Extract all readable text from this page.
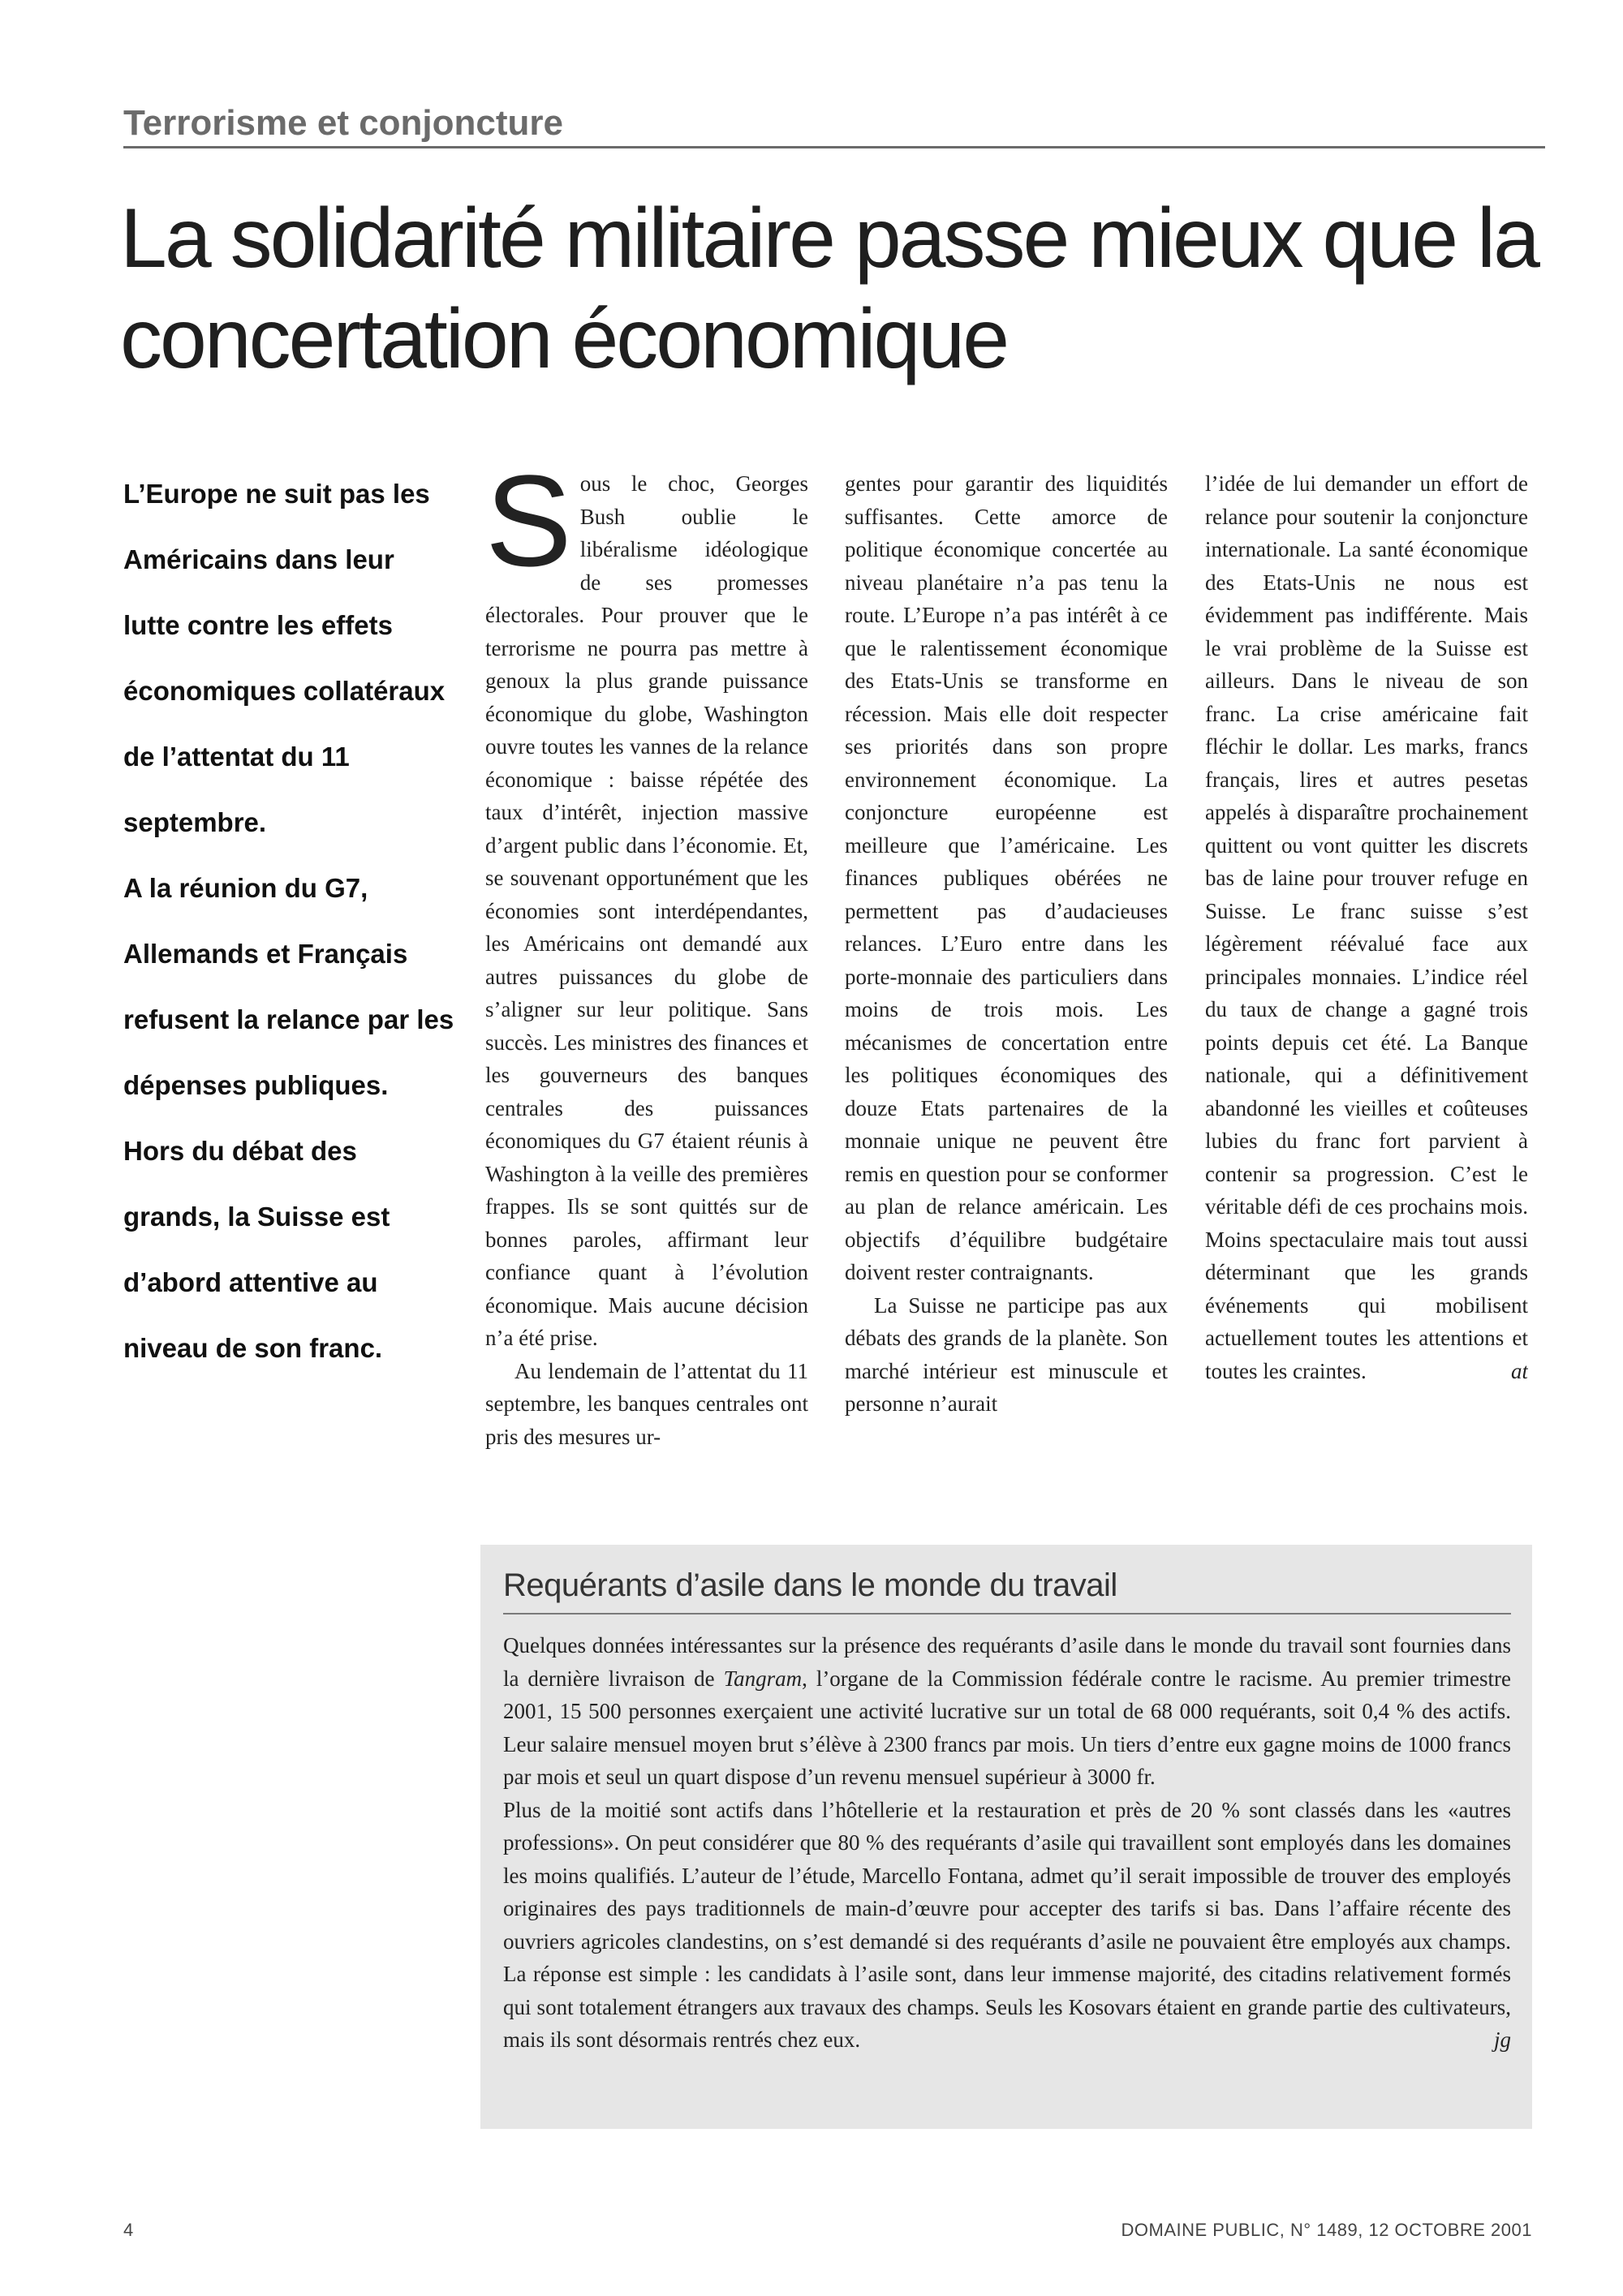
Terrorisme et conjoncture
La solidarité militaire passe mieux que la concertation économique

L’Europe ne suit pas les Américains dans leur lutte contre les effets économiques collatéraux de l’attentat du 11 septembre.

A la réunion du G7, Allemands et Français refusent la relance par les dépenses publiques.

Hors du débat des grands, la Suisse est d’abord attentive au niveau de son franc.

Sous le choc, Georges Bush oublie le libéralisme idéologique de ses promesses électorales. Pour prouver que le terrorisme ne pourra pas mettre à genoux la plus grande puissance économique du globe, Washington ouvre toutes les vannes de la relance économique : baisse répétée des taux d’intérêt, injection massive d’argent public dans l’économie. Et, se souvenant opportunément que les économies sont interdépendantes, les Américains ont demandé aux autres puissances du globe de s’aligner sur leur politique. Sans succès. Les ministres des finances et les gouverneurs des banques centrales des puissances économiques du G7 étaient réunis à Washington à la veille des premières frappes. Ils se sont quittés sur de bonnes paroles, affirmant leur confiance quant à l’évolution économique. Mais aucune décision n’a été prise.

Au lendemain de l’attentat du 11 septembre, les banques centrales ont pris des mesures ur-

gentes pour garantir des liquidités suffisantes. Cette amorce de politique économique concertée au niveau planétaire n’a pas tenu la route. L’Europe n’a pas intérêt à ce que le ralentissement économique des Etats-Unis se transforme en récession. Mais elle doit respecter ses priorités dans son propre environnement économique. La conjoncture européenne est meilleure que l’américaine. Les finances publiques obérées ne permettent pas d’audacieuses relances. L’Euro entre dans les porte-monnaie des particuliers dans moins de trois mois. Les mécanismes de concertation entre les politiques économiques des douze Etats partenaires de la monnaie unique ne peuvent être remis en question pour se conformer au plan de relance américain. Les objectifs d’équilibre budgétaire doivent rester contraignants.

La Suisse ne participe pas aux débats des grands de la planète. Son marché intérieur est minuscule et personne n’aurait

l’idée de lui demander un effort de relance pour soutenir la conjoncture internationale. La santé économique des Etats-Unis ne nous est évidemment pas indifférente. Mais le vrai problème de la Suisse est ailleurs. Dans le niveau de son franc. La crise américaine fait fléchir le dollar. Les marks, francs français, lires et autres pesetas appelés à disparaître prochainement quittent ou vont quitter les discrets bas de laine pour trouver refuge en Suisse. Le franc suisse s’est légèrement réévalué face aux principales monnaies. L’indice réel du taux de change a gagné trois points depuis cet été. La Banque nationale, qui a définitivement abandonné les vieilles et coûteuses lubies du franc fort parvient à contenir sa progression. C’est le véritable défi de ces prochains mois. Moins spectaculaire mais tout aussi déterminant que les grands événements qui mobilisent actuellement toutes les attentions et toutes les craintes.	at

Requérants d’asile dans le monde du travail

Quelques données intéressantes sur la présence des requérants d’asile dans le monde du travail sont fournies dans la dernière livraison de Tangram, l’organe de la Commission fédérale contre le racisme. Au premier trimestre 2001, 15 500 personnes exerçaient une activité lucrative sur un total de 68 000 requérants, soit 0,4 % des actifs. Leur salaire mensuel moyen brut s’élève à 2300 francs par mois. Un tiers d’entre eux gagne moins de 1000 francs par mois et seul un quart dispose d’un revenu mensuel supérieur à 3000 fr.

Plus de la moitié sont actifs dans l’hôtellerie et la restauration et près de 20 % sont classés dans les «autres professions». On peut considérer que 80 % des requérants d’asile qui travaillent sont employés dans les domaines les moins qualifiés. L’auteur de l’étude, Marcello Fontana, admet qu’il serait impossible de trouver des employés originaires des pays traditionnels de main-d’œuvre pour accepter des tarifs si bas. Dans l’affaire récente des ouvriers agricoles clandestins, on s’est demandé si des requérants d’asile ne pouvaient être employés aux champs. La réponse est simple : les candidats à l’asile sont, dans leur immense majorité, des citadins relativement formés qui sont totalement étrangers aux travaux des champs. Seuls les Kosovars étaient en grande partie des cultivateurs, mais ils sont désormais rentrés chez eux.	jg

4	DOMAINE PUBLIC, N° 1489, 12 OCTOBRE 2001
